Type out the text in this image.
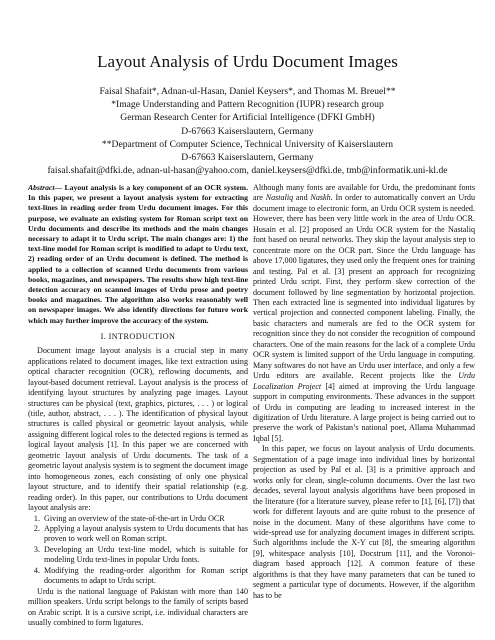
Layout Analysis of Urdu Document Images
Faisal Shafait*, Adnan-ul-Hasan, Daniel Keysers*, and Thomas M. Breuel**
*Image Understanding and Pattern Recognition (IUPR) research group
German Research Center for Artificial Intelligence (DFKI GmbH)
D-67663 Kaiserslautern, Germany
**Department of Computer Science, Technical University of Kaiserslautern
D-67663 Kaiserslautern, Germany
faisal.shafait@dfki.de, adnan-ul-hasan@yahoo.com, daniel.keysers@dfki.de, tmb@informatik.uni-kl.de
Abstract— Layout analysis is a key component of an OCR system. In this paper, we present a layout analysis system for extracting text-lines in reading order from Urdu document images. For this purpose, we evaluate an existing system for Roman script text on Urdu documents and describe its methods and the main changes necessary to adapt it to Urdu script. The main changes are: 1) the text-line model for Roman script is modified to adapt to Urdu text, 2) reading order of an Urdu document is defined. The method is applied to a collection of scanned Urdu documents from various books, magazines, and newspapers. The results show high text-line detection accuracy on scanned images of Urdu prose and poetry books and magazines. The algorithm also works reasonably well on newspaper images. We also identify directions for future work which may further improve the accuracy of the system.
I. INTRODUCTION

Document image layout analysis is a crucial step in many applications related to document images, like text extraction using optical character recognition (OCR), reflowing documents, and layout-based document retrieval. Layout analysis is the process of identifying layout structures by analyzing page images. Layout structures can be physical (text, graphics, pictures, . . . ) or logical (title, author, abstract, . . . ). The identification of physical layout structures is called physical or geometric layout analysis, while assigning different logical roles to the detected regions is termed as logical layout analysis [1]. In this paper we are concerned with geometric layout analysis of Urdu documents. The task of a geometric layout analysis system is to segment the document image into homogeneous zones, each consisting of only one physical layout structure, and to identify their spatial relationship (e.g. reading order). In this paper, our contributions to Urdu document layout analysis are:

1. Giving an overview of the state-of-the-art in Urdu OCR
2. Applying a layout analysis system to Urdu documents that has proven to work well on Roman script.
3. Developing an Urdu text-line model, which is suitable for modeling Urdu text-lines in popular Urdu fonts.
4. Modifying the reading-order algorithm for Roman script documents to adapt to Urdu script.

Urdu is the national language of Pakistan with more than 140 million speakers. Urdu script belongs to the family of scripts based on Arabic script. It is a cursive script, i.e. individual characters are usually combined to form ligatures.

Although many fonts are available for Urdu, the predominant fonts are Nastaliq and Naskh. In order to automatically convert an Urdu document image to electronic form, an Urdu OCR system is needed. However, there has been very little work in the area of Urdu OCR. Husain et al. [2] proposed an Urdu OCR system for the Nastaliq font based on neural networks. They skip the layout analysis step to concentrate more on the OCR part. Since the Urdu language has above 17,000 ligatures, they used only the frequent ones for training and testing. Pal et al. [3] present an approach for recognizing printed Urdu script. First, they perform skew correction of the document followed by line segmentation by horizontal projection. Then each extracted line is segmented into individual ligatures by vertical projection and connected component labeling. Finally, the basic characters and numerals are fed to the OCR system for recognition since they do not consider the recognition of compound characters. One of the main reasons for the lack of a complete Urdu OCR system is limited support of the Urdu language in computing. Many softwares do not have an Urdu user interface, and only a few Urdu editors are available. Recent projects like the Urdu Localization Project [4] aimed at improving the Urdu language support in computing environments. These advances in the support of Urdu in computing are leading to increased interest in the digitization of Urdu literature. A large project is being carried out to preserve the work of Pakistan’s national poet, Allama Muhammad Iqbal [5].

In this paper, we focus on layout analysis of Urdu documents. Segmentation of a page image into individual lines by horizontal projection as used by Pal et al. [3] is a primitive approach and works only for clean, single-column documents. Over the last two decades, several layout analysis algorithms have been proposed in the literature (for a literature survey, please refer to [1], [6], [7]) that work for different layouts and are quite robust to the presence of noise in the document. Many of these algorithms have come to wide-spread use for analyzing document images in different scripts. Such algorithms include the X-Y cut [8], the smearing algorithm [9], whitespace analysis [10], Docstrum [11], and the Voronoi-diagram based approach [12]. A common feature of these algorithms is that they have many parameters that can be tuned to segment a particular type of documents. However, if the algorithm has to be
